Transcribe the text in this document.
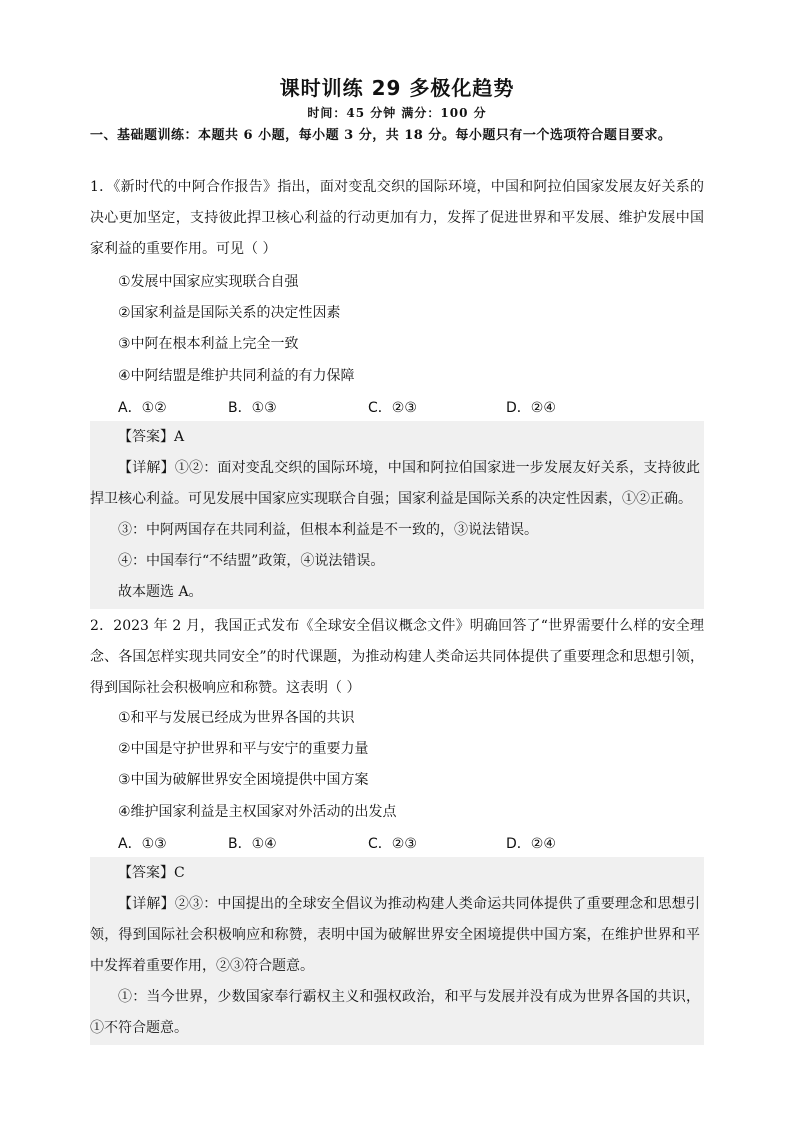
课时训练 29 多极化趋势
时间：45 分钟 满分：100 分
一、基础题训练：本题共 6 小题，每小题 3 分，共 18 分。每小题只有一个选项符合题目要求。
1．《新时代的中阿合作报告》指出，面对变乱交织的国际环境，中国和阿拉伯国家发展友好关系的决心更加坚定，支持彼此捍卫核心利益的行动更加有力，发挥了促进世界和平发展、维护发展中国家利益的重要作用。可见（ ）
①发展中国家应实现联合自强
②国家利益是国际关系的决定性因素
③中阿在根本利益上完全一致
④中阿结盟是维护共同利益的有力保障
A．①②	B．①③	C．②③	D．②④
【答案】A
【详解】①②：面对变乱交织的国际环境，中国和阿拉伯国家进一步发展友好关系，支持彼此捍卫核心利益。可见发展中国家应实现联合自强；国家利益是国际关系的决定性因素，①②正确。
③：中阿两国存在共同利益，但根本利益是不一致的，③说法错误。
④：中国奉行“不结盟”政策，④说法错误。
故本题选 A。
2．2023 年 2 月，我国正式发布《全球安全倡议概念文件》明确回答了“世界需要什么样的安全理念、各国怎样实现共同安全”的时代课题，为推动构建人类命运共同体提供了重要理念和思想引领，得到国际社会积极响应和称赞。这表明（ ）
①和平与发展已经成为世界各国的共识
②中国是守护世界和平与安宁的重要力量
③中国为破解世界安全困境提供中国方案
④维护国家利益是主权国家对外活动的出发点
A．①③	B．①④	C．②③	D．②④
【答案】C
【详解】②③：中国提出的全球安全倡议为推动构建人类命运共同体提供了重要理念和思想引领，得到国际社会积极响应和称赞，表明中国为破解世界安全困境提供中国方案，在维护世界和平中发挥着重要作用，②③符合题意。
①：当今世界，少数国家奉行霸权主义和强权政治，和平与发展并没有成为世界各国的共识，①不符合题意。
